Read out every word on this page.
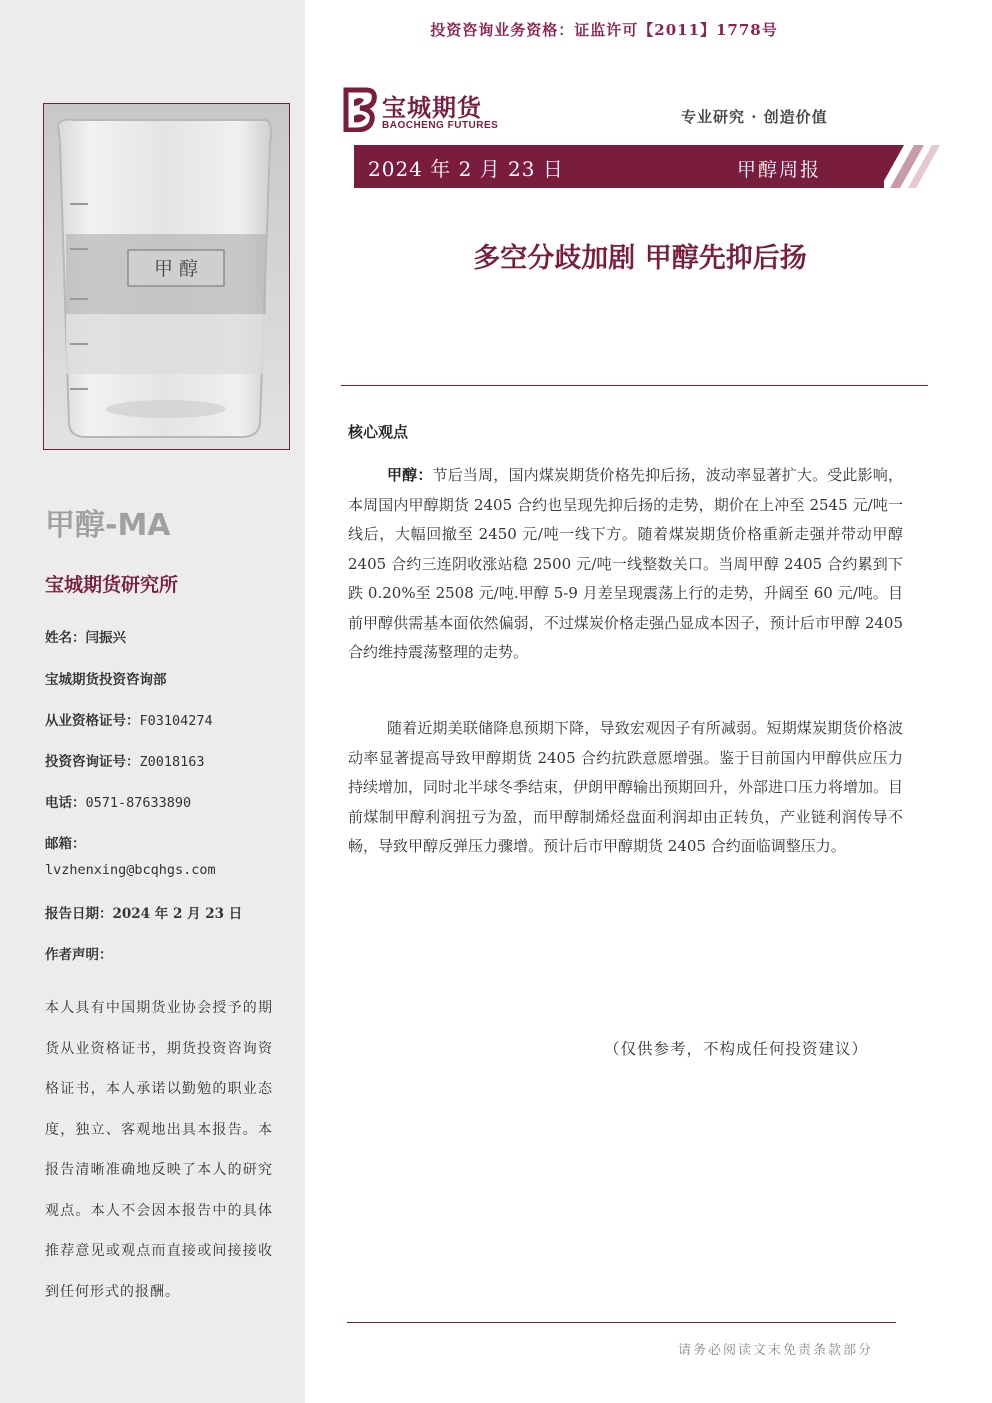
甲 醇
甲醇-MA
宝城期货研究所
姓名：闫振兴
宝城期货投资咨询部
从业资格证号：F03104274
投资咨询证号：Z0018163
电话：0571-87633890
邮箱：
lvzhenxing@bcqhgs.com
报告日期：2024 年 2 月 23 日
作者声明：
本人具有中国期货业协会授予的期货从业资格证书，期货投资咨询资格证书，本人承诺以勤勉的职业态度，独立、客观地出具本报告。本报告清晰准确地反映了本人的研究观点。本人不会因本报告中的具体推荐意见或观点而直接或间接接收到任何形式的报酬。
投资咨询业务资格：证监许可【2011】1778号
宝城期货
BAOCHENG FUTURES	专业研究 · 创造价值
2024 年 2 月 23 日	甲醇周报
多空分歧加剧 甲醇先抑后扬
核心观点

甲醇：节后当周，国内煤炭期货价格先抑后扬，波动率显著扩大。受此影响，本周国内甲醇期货 2405 合约也呈现先抑后扬的走势，期价在上冲至 2545 元/吨一线后，大幅回撤至 2450 元/吨一线下方。随着煤炭期货价格重新走强并带动甲醇 2405 合约三连阴收涨站稳 2500 元/吨一线整数关口。当周甲醇 2405 合约累到下跌 0.20%至 2508 元/吨.甲醇 5-9 月差呈现震荡上行的走势，升阔至 60 元/吨。目前甲醇供需基本面依然偏弱，不过煤炭价格走强凸显成本因子，预计后市甲醇 2405 合约维持震荡整理的走势。

随着近期美联储降息预期下降，导致宏观因子有所减弱。短期煤炭期货价格波动率显著提高导致甲醇期货 2405 合约抗跌意愿增强。鉴于目前国内甲醇供应压力持续增加，同时北半球冬季结束，伊朗甲醇输出预期回升，外部进口压力将增加。目前煤制甲醇利润扭亏为盈，而甲醇制烯烃盘面利润却由正转负，产业链利润传导不畅，导致甲醇反弹压力骤增。预计后市甲醇期货 2405 合约面临调整压力。

（仅供参考，不构成任何投资建议）
请务必阅读文末免责条款部分
